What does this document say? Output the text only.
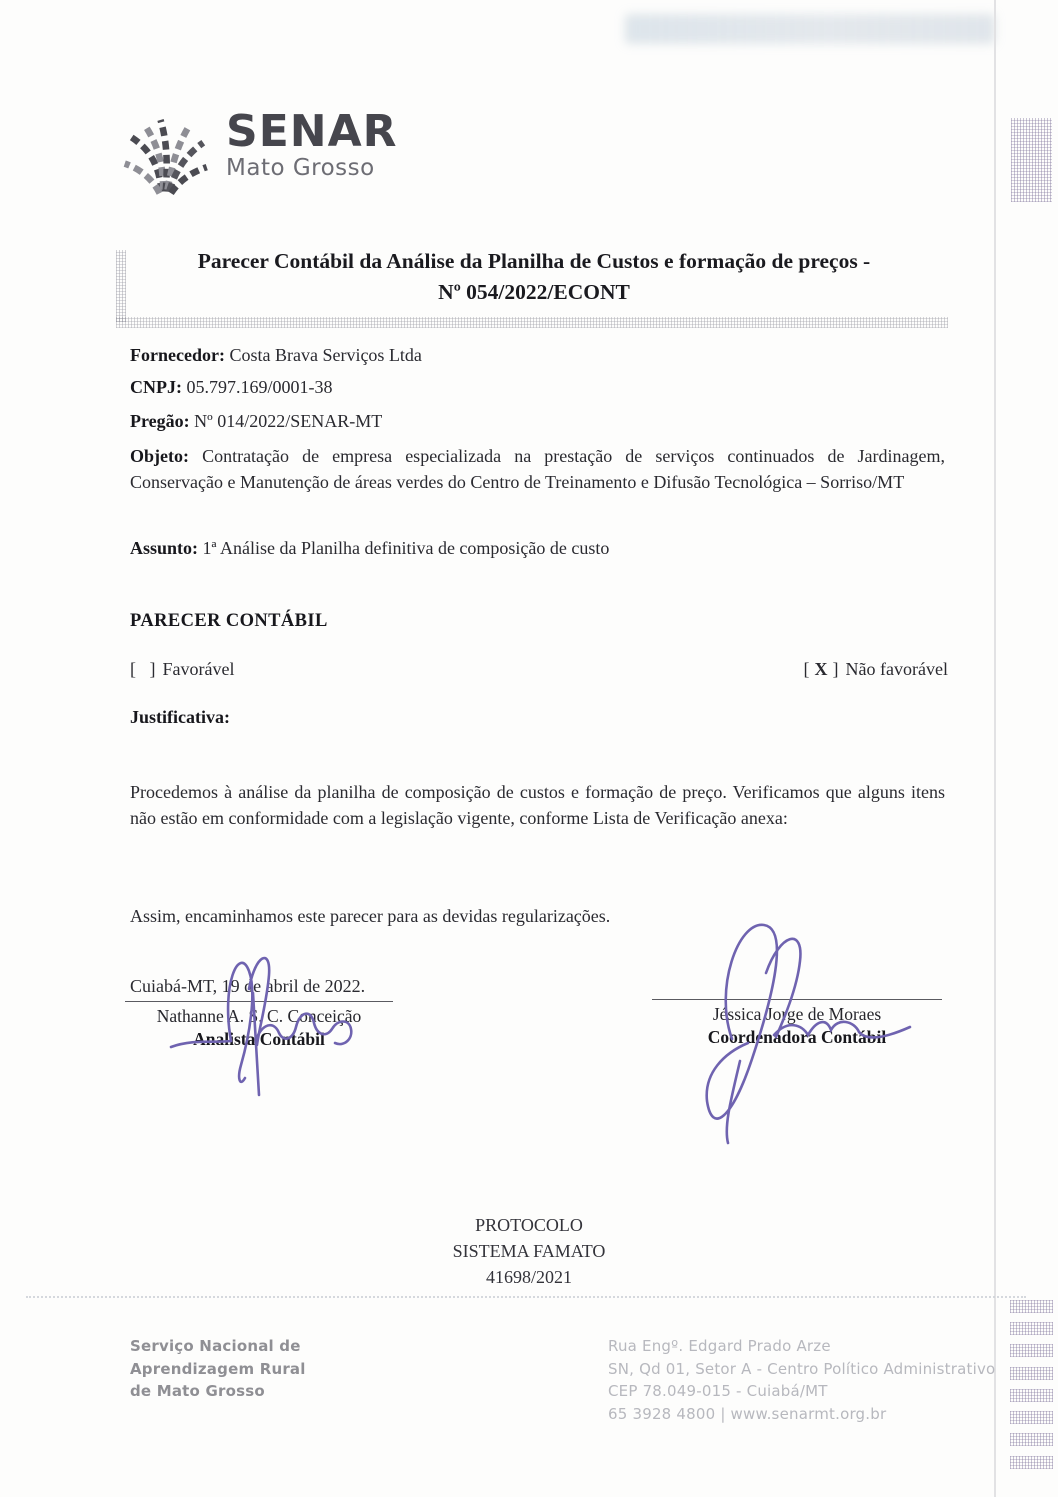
SENAR
Mato Grosso
Parecer Contábil da Análise da Planilha de Custos e formação de preços -
Nº 054/2022/ECONT
Fornecedor: Costa Brava Serviços Ltda
CNPJ: 05.797.169/0001-38
Pregão: Nº 014/2022/SENAR-MT

Objeto: Contratação de empresa especializada na prestação de serviços continuados de Jardinagem, Conservação e Manutenção de áreas verdes do Centro de Treinamento e Difusão Tecnológica – Sorriso/MT

Assunto: 1ª Análise da Planilha definitiva de composição de custo
PARECER CONTÁBIL
[   ] Favorável	[ X ] Não favorável
Justificativa:

Procedemos à análise da planilha de composição de custos e formação de preço. Verificamos que alguns itens não estão em conformidade com a legislação vigente, conforme Lista de Verificação anexa:

Assim, encaminhamos este parecer para as devidas regularizações.

Cuiabá-MT, 19 de abril de 2022.
Nathanne A. S. C. Conceição
Analista Contábil
Jéssica Jorge de Moraes
Coordenadora Contábil
PROTOCOLO
SISTEMA FAMATO
41698/2021
Serviço Nacional de
Aprendizagem Rural
de Mato Grosso
Rua Engº. Edgard Prado Arze
SN, Qd 01, Setor A - Centro Político Administrativo
CEP 78.049-015 - Cuiabá/MT
65 3928 4800 | www.senarmt.org.br
